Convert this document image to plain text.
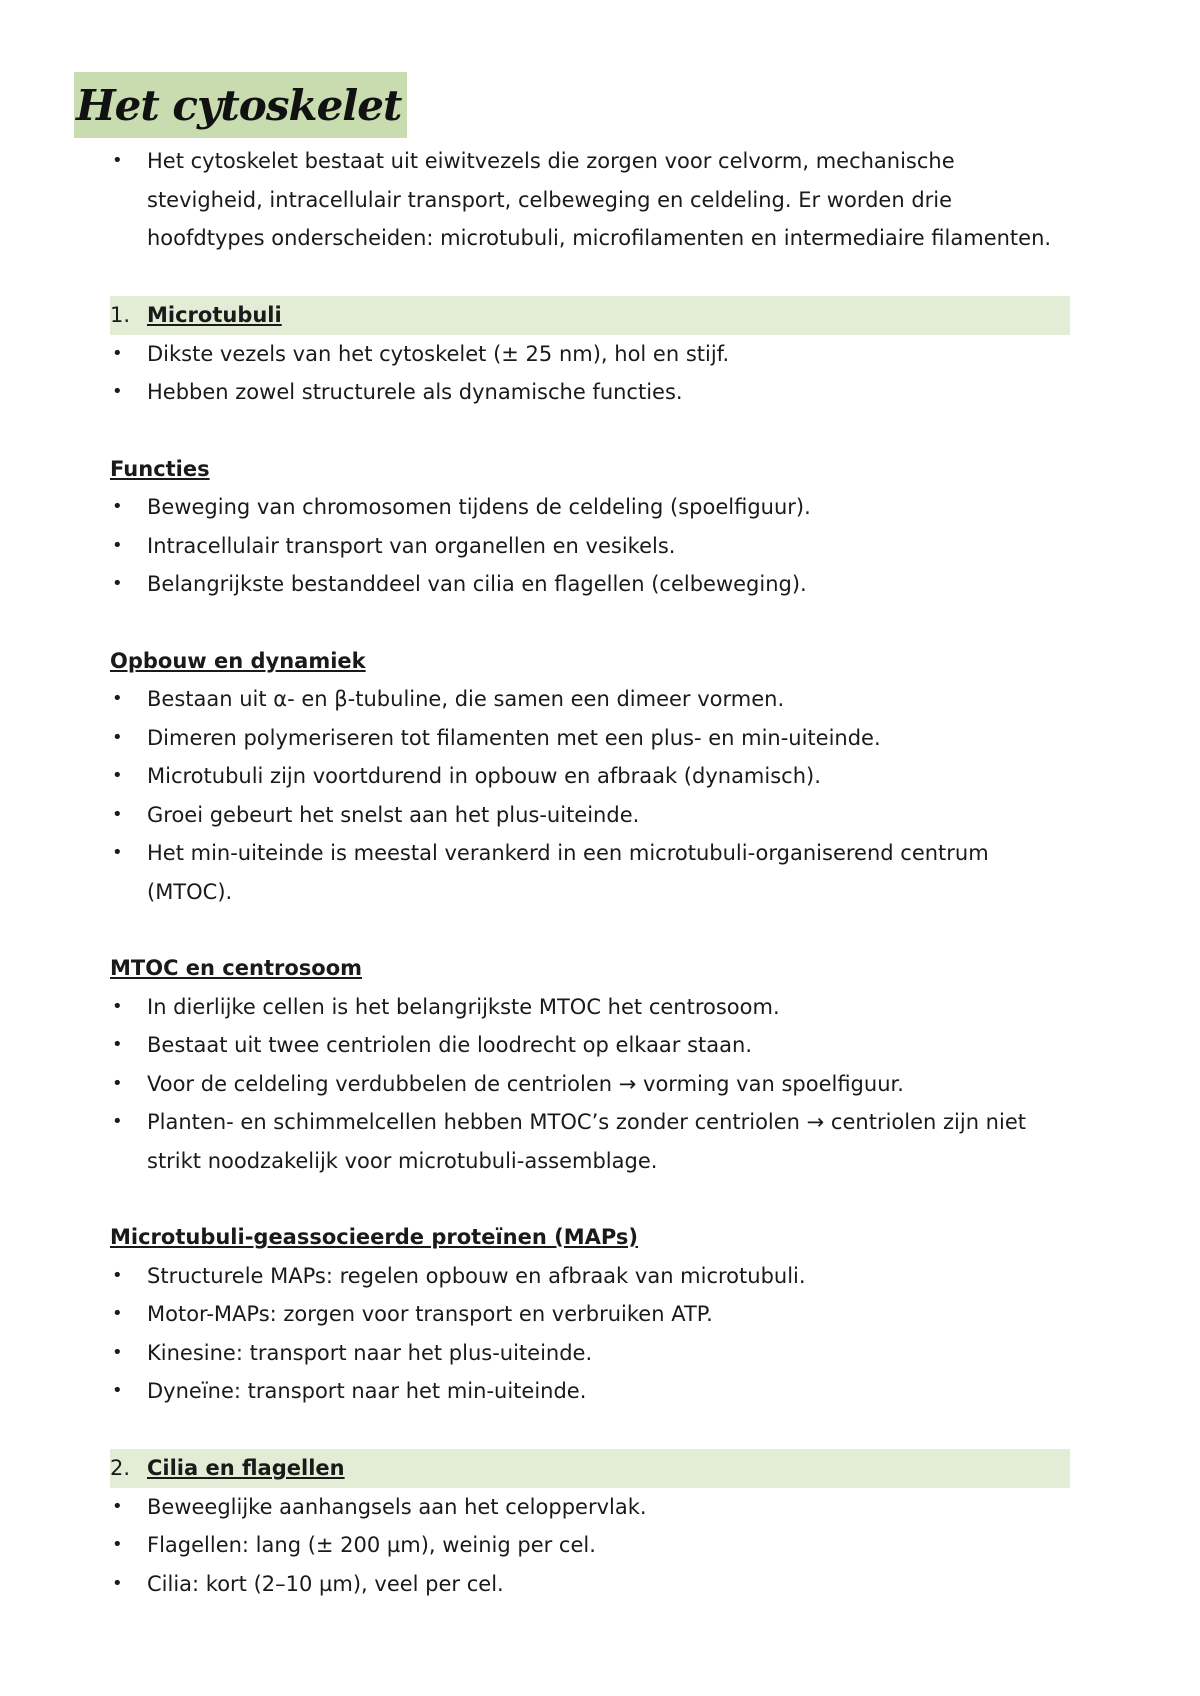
Het cytoskelet
• Het cytoskelet bestaat uit eiwitvezels die zorgen voor celvorm, mechanische stevigheid, intracellulair transport, celbeweging en celdeling. Er worden drie hoofdtypes onderscheiden: microtubuli, microfilamenten en intermediaire filamenten.
1. Microtubuli
• Dikste vezels van het cytoskelet (± 25 nm), hol en stijf.
• Hebben zowel structurele als dynamische functies.
Functies
• Beweging van chromosomen tijdens de celdeling (spoelfiguur).
• Intracellulair transport van organellen en vesikels.
• Belangrijkste bestanddeel van cilia en flagellen (celbeweging).
Opbouw en dynamiek
• Bestaan uit α- en β-tubuline, die samen een dimeer vormen.
• Dimeren polymeriseren tot filamenten met een plus- en min-uiteinde.
• Microtubuli zijn voortdurend in opbouw en afbraak (dynamisch).
• Groei gebeurt het snelst aan het plus-uiteinde.
• Het min-uiteinde is meestal verankerd in een microtubuli-organiserend centrum (MTOC).
MTOC en centrosoom
• In dierlijke cellen is het belangrijkste MTOC het centrosoom.
• Bestaat uit twee centriolen die loodrecht op elkaar staan.
• Voor de celdeling verdubbelen de centriolen → vorming van spoelfiguur.
• Planten- en schimmelcellen hebben MTOC’s zonder centriolen → centriolen zijn niet strikt noodzakelijk voor microtubuli-assemblage.
Microtubuli-geassocieerde proteïnen (MAPs)
• Structurele MAPs: regelen opbouw en afbraak van microtubuli.
• Motor-MAPs: zorgen voor transport en verbruiken ATP.
• Kinesine: transport naar het plus-uiteinde.
• Dyneïne: transport naar het min-uiteinde.
2. Cilia en flagellen
• Beweeglijke aanhangsels aan het celoppervlak.
• Flagellen: lang (± 200 µm), weinig per cel.
• Cilia: kort (2–10 µm), veel per cel.
